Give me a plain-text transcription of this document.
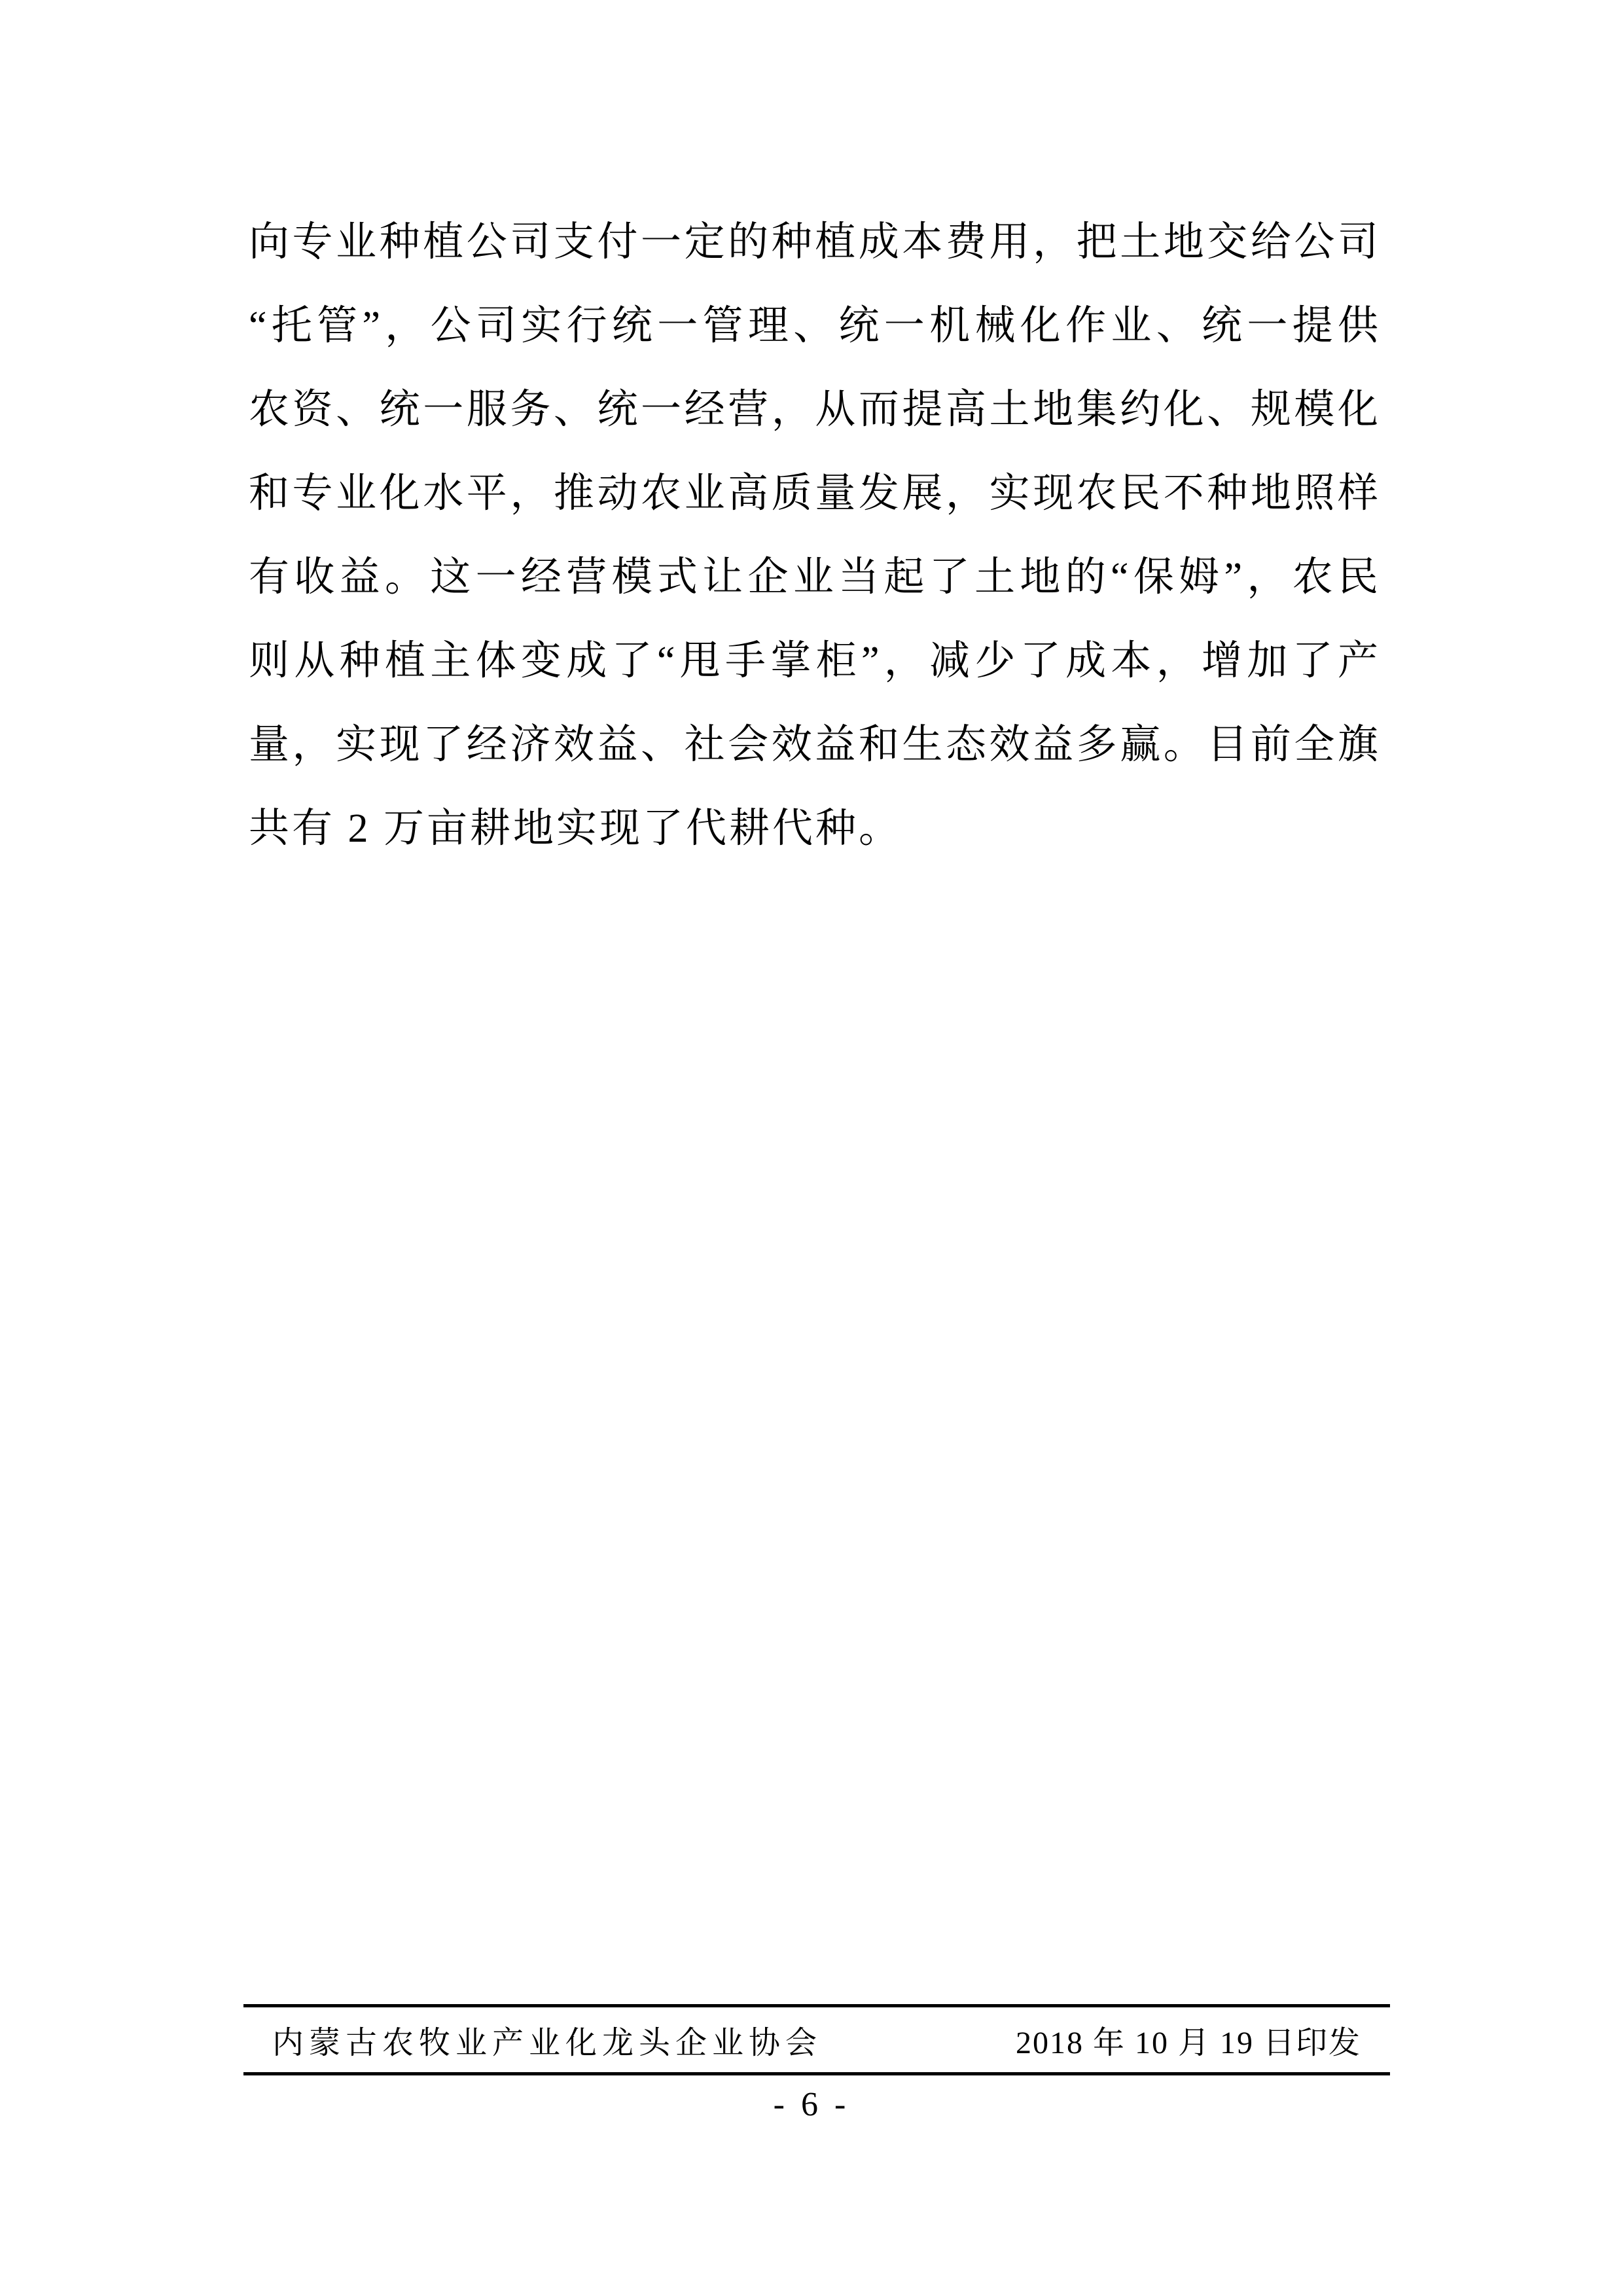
向专业种植公司支付一定的种植成本费用，把土地交给公司
“托管”，公司实行统一管理、统一机械化作业、统一提供
农资、统一服务、统一经营，从而提高土地集约化、规模化
和专业化水平，推动农业高质量发展，实现农民不种地照样
有收益。这一经营模式让企业当起了土地的“保姆”，农民
则从种植主体变成了“甩手掌柜”，减少了成本，增加了产
量，实现了经济效益、社会效益和生态效益多赢。目前全旗
共有 2 万亩耕地实现了代耕代种。
内蒙古农牧业产业化龙头企业协会	2018 年 10 月 19 日印发
- 6 -
